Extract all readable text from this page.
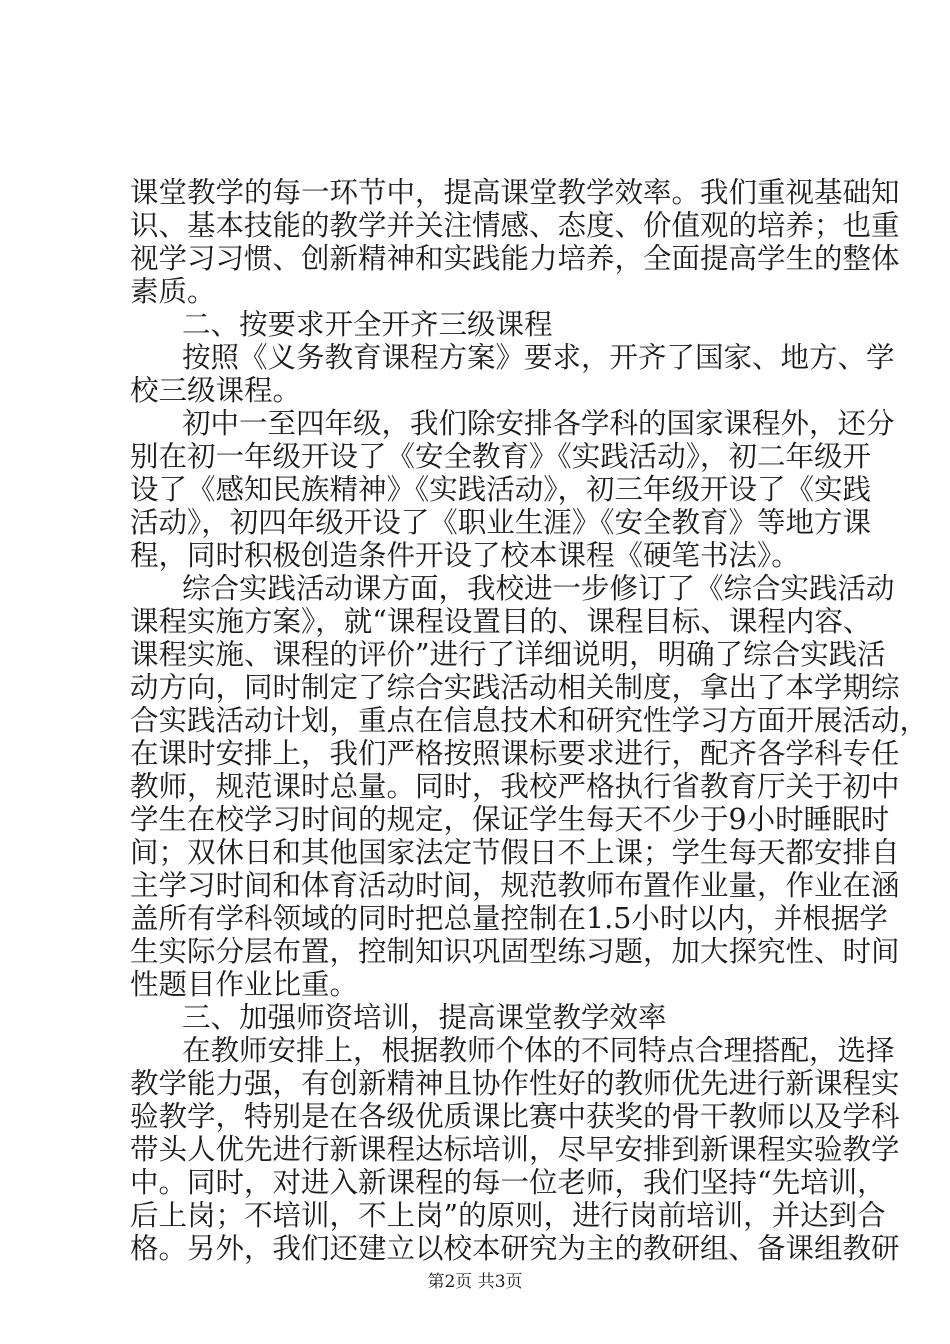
课堂教学的每一环节中，提高课堂教学效率。我们重视基础知
识、基本技能的教学并关注情感、态度、价值观的培养；也重
视学习习惯、创新精神和实践能力培养，全面提高学生的整体
素质。
二、按要求开全开齐三级课程
按照《义务教育课程方案》要求，开齐了国家、地方、学
校三级课程。
初中一至四年级，我们除安排各学科的国家课程外，还分
别在初一年级开设了《安全教育》《实践活动》，初二年级开
设了《感知民族精神》《实践活动》，初三年级开设了《实践
活动》，初四年级开设了《职业生涯》《安全教育》等地方课
程，同时积极创造条件开设了校本课程《硬笔书法》。
综合实践活动课方面，我校进一步修订了《综合实践活动
课程实施方案》，就“课程设置目的、课程目标、课程内容、
课程实施、课程的评价”进行了详细说明，明确了综合实践活
动方向，同时制定了综合实践活动相关制度，拿出了本学期综
合实践活动计划，重点在信息技术和研究性学习方面开展活动，
在课时安排上，我们严格按照课标要求进行，配齐各学科专任
教师，规范课时总量。同时，我校严格执行省教育厅关于初中
学生在校学习时间的规定，保证学生每天不少于9小时睡眠时
间；双休日和其他国家法定节假日不上课；学生每天都安排自
主学习时间和体育活动时间，规范教师布置作业量，作业在涵
盖所有学科领域的同时把总量控制在1.5小时以内，并根据学
生实际分层布置，控制知识巩固型练习题，加大探究性、时间
性题目作业比重。
三、加强师资培训，提高课堂教学效率
在教师安排上，根据教师个体的不同特点合理搭配，选择
教学能力强，有创新精神且协作性好的教师优先进行新课程实
验教学，特别是在各级优质课比赛中获奖的骨干教师以及学科
带头人优先进行新课程达标培训，尽早安排到新课程实验教学
中。同时，对进入新课程的每一位老师，我们坚持“先培训，
后上岗；不培训，不上岗”的原则，进行岗前培训，并达到合
格。另外，我们还建立以校本研究为主的教研组、备课组教研
第2页 共3页
